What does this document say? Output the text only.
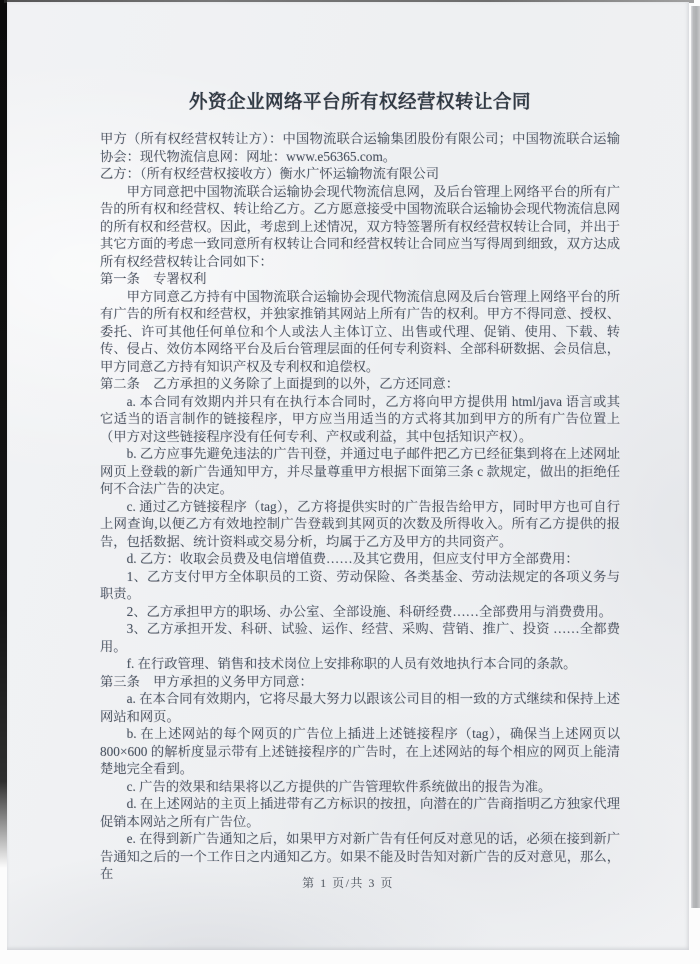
外资企业网络平台所有权经营权转让合同

甲方（所有权经营权转让方）：中国物流联合运输集团股份有限公司；中国物流联合运输协会：现代物流信息网：网址：www.e56365.com。

乙方：（所有权经营权接收方）衡水广怀运输物流有限公司

甲方同意把中国物流联合运输协会现代物流信息网，及后台管理上网络平台的所有广告的所有权和经营权、转让给乙方。乙方愿意接受中国物流联合运输协会现代物流信息网的所有权和经营权。因此，考虑到上述情况，双方特签署所有权经营权转让合同，并出于其它方面的考虑一致同意所有权转让合同和经营权转让合同应当写得周到细致，双方达成所有权经营权转让合同如下：

第一条　专署权利

甲方同意乙方持有中国物流联合运输协会现代物流信息网及后台管理上网络平台的所有广告的所有权和经营权，并独家推销其网站上所有广告的权利。甲方不得同意、授权、委托、许可其他任何单位和个人或法人主体订立、出售或代理、促销、使用、下载、转传、侵占、效仿本网络平台及后台管理层面的任何专利资料、全部科研数据、会员信息，甲方同意乙方持有知识产权及专利权和追偿权。

第二条　乙方承担的义务除了上面提到的以外，乙方还同意：

a. 本合同有效期内并只有在执行本合同时，乙方将向甲方提供用 html/java 语言或其它适当的语言制作的链接程序，甲方应当用适当的方式将其加到甲方的所有广告位置上（甲方对这些链接程序没有任何专利、产权或利益，其中包括知识产权）。

b. 乙方应事先避免违法的广告刊登，并通过电子邮件把乙方已经征集到将在上述网址网页上登载的新广告通知甲方，并尽量尊重甲方根据下面第三条 c 款规定，做出的拒绝任何不合法广告的决定。

c. 通过乙方链接程序（tag），乙方将提供实时的广告报告给甲方，同时甲方也可自行上网查询,以便乙方有效地控制广告登载到其网页的次数及所得收入。所有乙方提供的报告，包括数据、统计资料或交易分析，均属于乙方及甲方的共同资产。

d. 乙方：收取会员费及电信增值费……及其它费用，但应支付甲方全部费用：

1、乙方支付甲方全体职员的工资、劳动保险、各类基金、劳动法规定的各项义务与职责。

2、乙方承担甲方的职场、办公室、全部设施、科研经费……全部费用与消费费用。

3、乙方承担开发、科研、试验、运作、经营、采购、营销、推广、投资 ……全都费用。

f. 在行政管理、销售和技术岗位上安排称职的人员有效地执行本合同的条款。

第三条　甲方承担的义务甲方同意：

a. 在本合同有效期内，它将尽最大努力以跟该公司目的相一致的方式继续和保持上述网站和网页。

b. 在上述网站的每个网页的广告位上插进上述链接程序（tag），确保当上述网页以800×600 的解析度显示带有上述链接程序的广告时，在上述网站的每个相应的网页上能清楚地完全看到。

c. 广告的效果和结果将以乙方提供的广告管理软件系统做出的报告为准。

d. 在上述网站的主页上插进带有乙方标识的按扭，向潜在的广告商指明乙方独家代理促销本网站之所有广告位。

e. 在得到新广告通知之后，如果甲方对新广告有任何反对意见的话，必须在接到新广告通知之后的一个工作日之内通知乙方。如果不能及时告知对新广告的反对意见，那么，在

第 1 页/共 3 页
